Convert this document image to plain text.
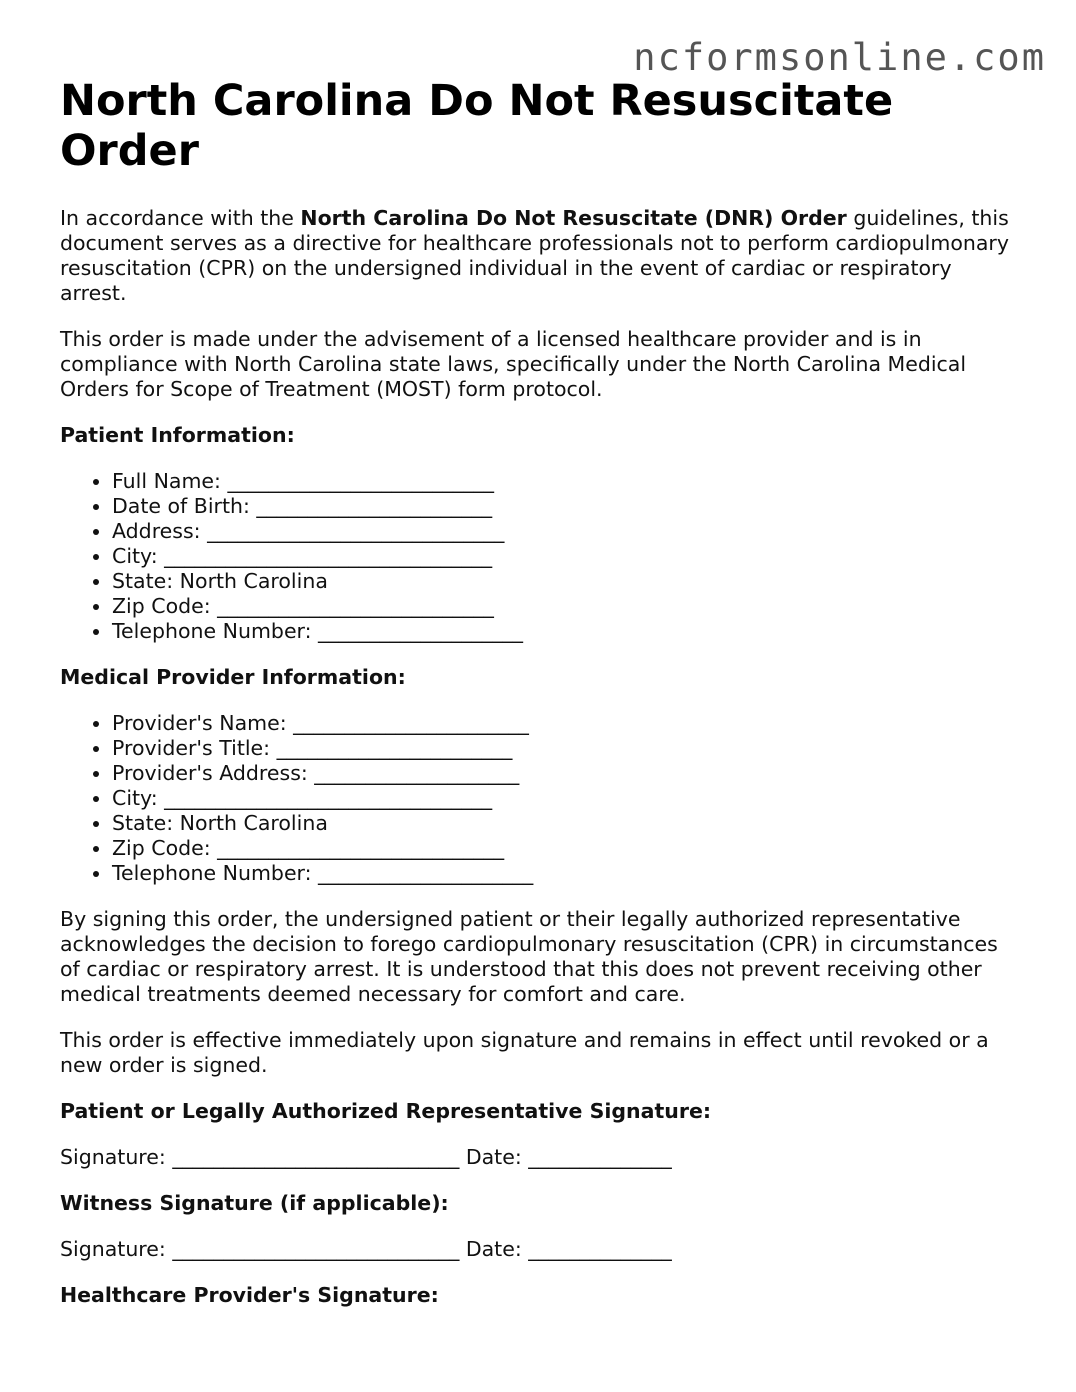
ncformsonline.com
North Carolina Do Not Resuscitate Order

In accordance with the North Carolina Do Not Resuscitate (DNR) Order guidelines, this document serves as a directive for healthcare professionals not to perform cardiopulmonary resuscitation (CPR) on the undersigned individual in the event of cardiac or respiratory arrest.

This order is made under the advisement of a licensed healthcare provider and is in compliance with North Carolina state laws, specifically under the North Carolina Medical Orders for Scope of Treatment (MOST) form protocol.

Patient Information:
• Full Name: __________________________
• Date of Birth: _______________________
• Address: _____________________________
• City: ________________________________
• State: North Carolina
• Zip Code: ___________________________
• Telephone Number: ____________________
Medical Provider Information:
• Provider's Name: _______________________
• Provider's Title: _______________________
• Provider's Address: ____________________
• City: ________________________________
• State: North Carolina
• Zip Code: ____________________________
• Telephone Number: _____________________

By signing this order, the undersigned patient or their legally authorized representative acknowledges the decision to forego cardiopulmonary resuscitation (CPR) in circumstances of cardiac or respiratory arrest. It is understood that this does not prevent receiving other medical treatments deemed necessary for comfort and care.

This order is effective immediately upon signature and remains in effect until revoked or a new order is signed.

Patient or Legally Authorized Representative Signature:
Signature: ____________________________ Date: ______________
Witness Signature (if applicable):
Signature: ____________________________ Date: ______________
Healthcare Provider's Signature:
